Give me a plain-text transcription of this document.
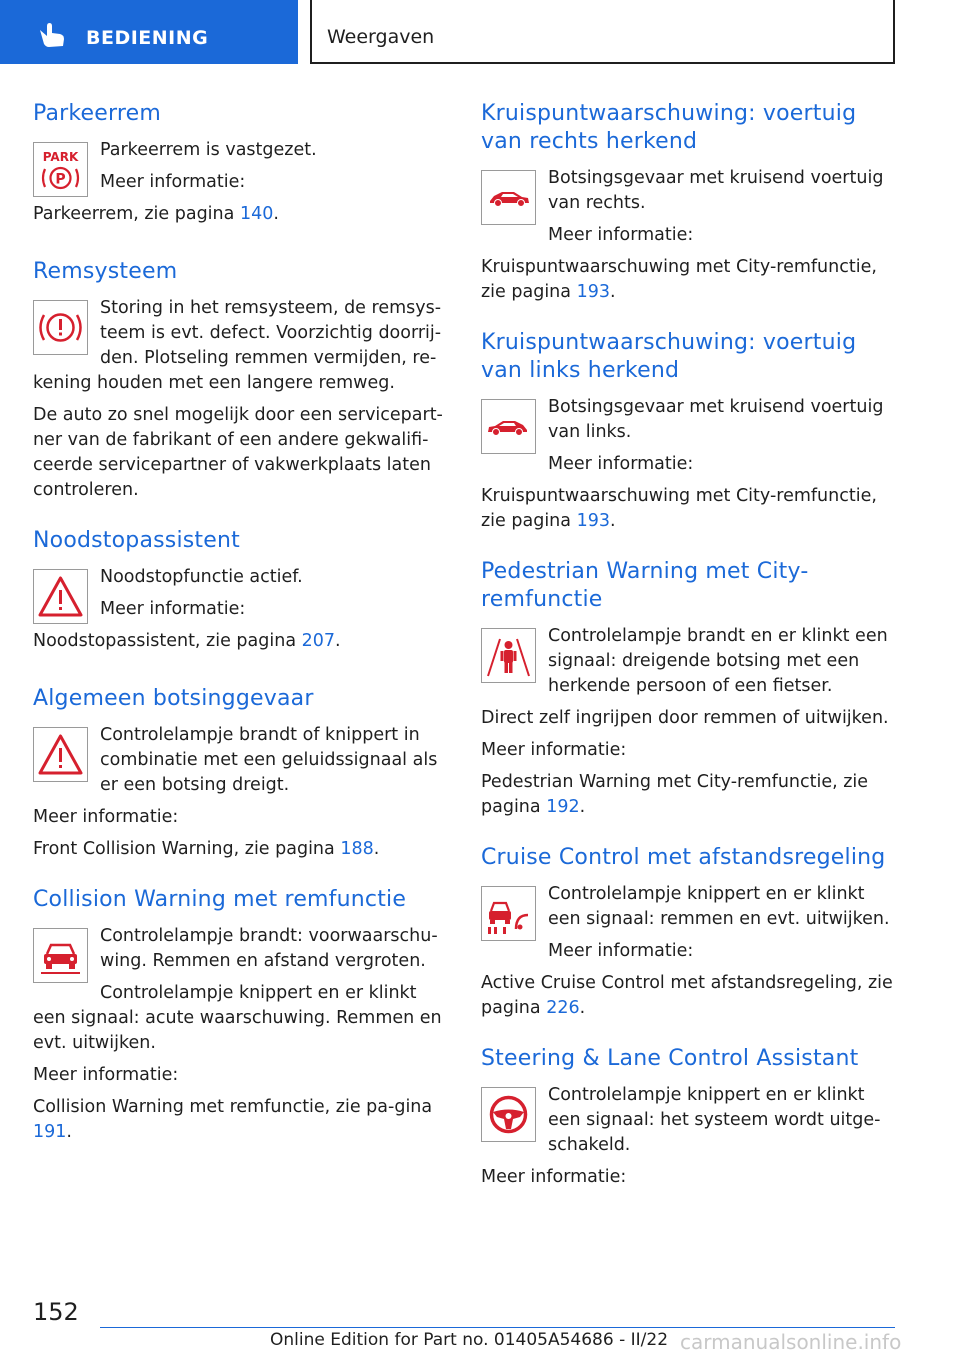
BEDIENING	Weergaven
Parkeerrem
PARK
P

Parkeerrem is vastgezet.

Meer informatie:

Parkeerrem, zie pagina 140.

Remsysteem

Storing in het remsysteem, de remsys-teem is evt. defect. Voorzichtig doorrij-den. Plotseling remmen vermijden, re-kening houden met een langere remweg.

De auto zo snel mogelijk door een servicepart-ner van de fabrikant of een andere gekwalifi-ceerde servicepartner of vakwerkplaats laten controleren.

Noodstopassistent

Noodstopfunctie actief.

Meer informatie:

Noodstopassistent, zie pagina 207.

Algemeen botsinggevaar

Controlelampje brandt of knippert in combinatie met een geluidssignaal als er een botsing dreigt.

Meer informatie:

Front Collision Warning, zie pagina 188.

Collision Warning met remfunctie

Controlelampje brandt: voorwaarschu-wing. Remmen en afstand vergroten.

Controlelampje knippert en er klinkt een signaal: acute waarschuwing. Remmen en evt. uitwijken.

Meer informatie:

Collision Warning met remfunctie, zie pa-gina 191.

Kruispuntwaarschuwing: voertuig van rechts herkend

Botsingsgevaar met kruisend voertuig van rechts.

Meer informatie:

Kruispuntwaarschuwing met City-remfunctie, zie pagina 193.

Kruispuntwaarschuwing: voertuig van links herkend

Botsingsgevaar met kruisend voertuig van links.

Meer informatie:

Kruispuntwaarschuwing met City-remfunctie, zie pagina 193.

Pedestrian Warning met City-remfunctie

Controlelampje brandt en er klinkt een signaal: dreigende botsing met een herkende persoon of een fietser.

Direct zelf ingrijpen door remmen of uitwijken.

Meer informatie:

Pedestrian Warning met City-remfunctie, zie pagina 192.

Cruise Control met afstandsregeling

Controlelampje knippert en er klinkt een signaal: remmen en evt. uitwijken.

Meer informatie:

Active Cruise Control met afstandsregeling, zie pagina 226.

Steering & Lane Control Assistant

Controlelampje knippert en er klinkt een signaal: het systeem wordt uitge-schakeld.

Meer informatie:

152
Online Edition for Part no. 01405A54686 - II/22 carmanualsonline.info
